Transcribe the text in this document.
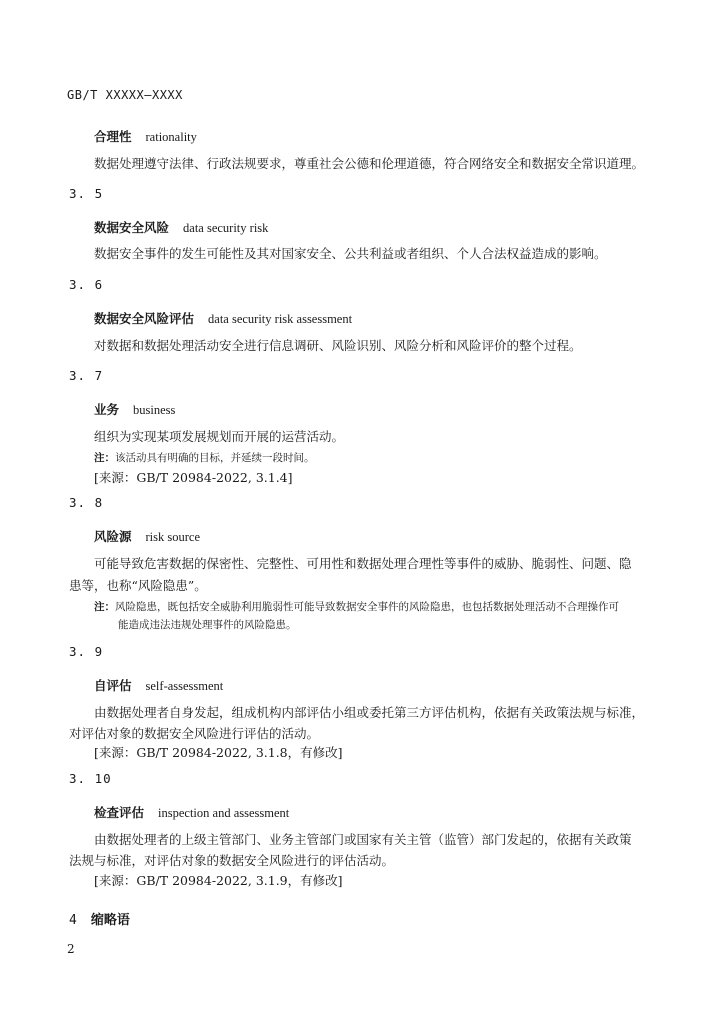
GB/T XXXXX—XXXX
合理性 rationality
数据处理遵守法律、行政法规要求，尊重社会公德和伦理道德，符合网络安全和数据安全常识道理。
3. 5
数据安全风险 data security risk
数据安全事件的发生可能性及其对国家安全、公共利益或者组织、个人合法权益造成的影响。
3. 6
数据安全风险评估 data security risk assessment
对数据和数据处理活动安全进行信息调研、风险识别、风险分析和风险评价的整个过程。
3. 7
业务 business
组织为实现某项发展规划而开展的运营活动。
注：该活动具有明确的目标，并延续一段时间。
[来源：GB/T 20984-2022, 3.1.4]
3. 8
风险源 risk source
可能导致危害数据的保密性、完整性、可用性和数据处理合理性等事件的威胁、脆弱性、问题、隐
患等，也称“风险隐患”。
注：风险隐患，既包括安全威胁利用脆弱性可能导致数据安全事件的风险隐患，也包括数据处理活动不合理操作可
能造成违法违规处理事件的风险隐患。
3. 9
自评估 self-assessment
由数据处理者自身发起，组成机构内部评估小组或委托第三方评估机构，依据有关政策法规与标准，
对评估对象的数据安全风险进行评估的活动。
[来源：GB/T 20984-2022, 3.1.8，有修改]
3. 10
检查评估 inspection and assessment
由数据处理者的上级主管部门、业务主管部门或国家有关主管（监管）部门发起的，依据有关政策
法规与标准，对评估对象的数据安全风险进行的评估活动。
[来源：GB/T 20984-2022, 3.1.9，有修改]
4 缩略语
2
